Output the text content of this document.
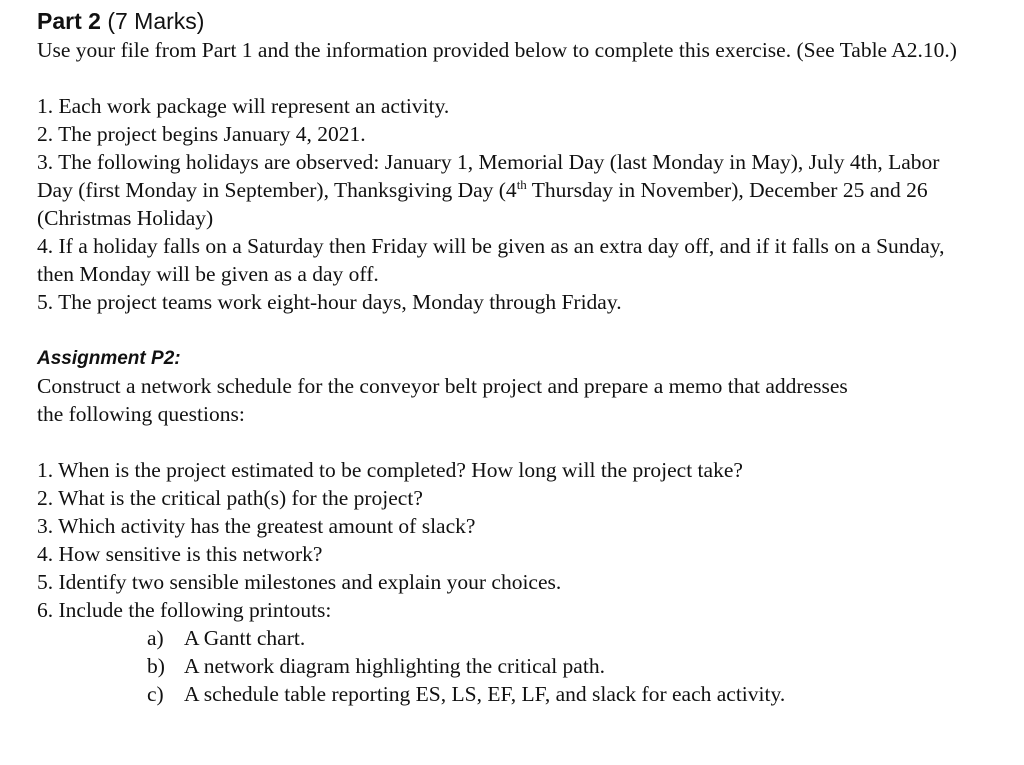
Part 2 (7 Marks)

Use your file from Part 1 and the information provided below to complete this exercise. (See Table A2.10.)

1. Each work package will represent an activity.

2. The project begins January 4, 2021.

3. The following holidays are observed: January 1, Memorial Day (last Monday in May), July 4th, Labor Day (first Monday in September), Thanksgiving Day (4th Thursday in November), December 25 and 26 (Christmas Holiday)

4. If a holiday falls on a Saturday then Friday will be given as an extra day off, and if it falls on a Sunday, then Monday will be given as a day off.

5. The project teams work eight-hour days, Monday through Friday.

Assignment P2:

Construct a network schedule for the conveyor belt project and prepare a memo that addresses the following questions:

1. When is the project estimated to be completed? How long will the project take?

2. What is the critical path(s) for the project?

3. Which activity has the greatest amount of slack?

4. How sensitive is this network?

5. Identify two sensible milestones and explain your choices.

6. Include the following printouts:

a) A Gantt chart.
b) A network diagram highlighting the critical path.
c) A schedule table reporting ES, LS, EF, LF, and slack for each activity.
